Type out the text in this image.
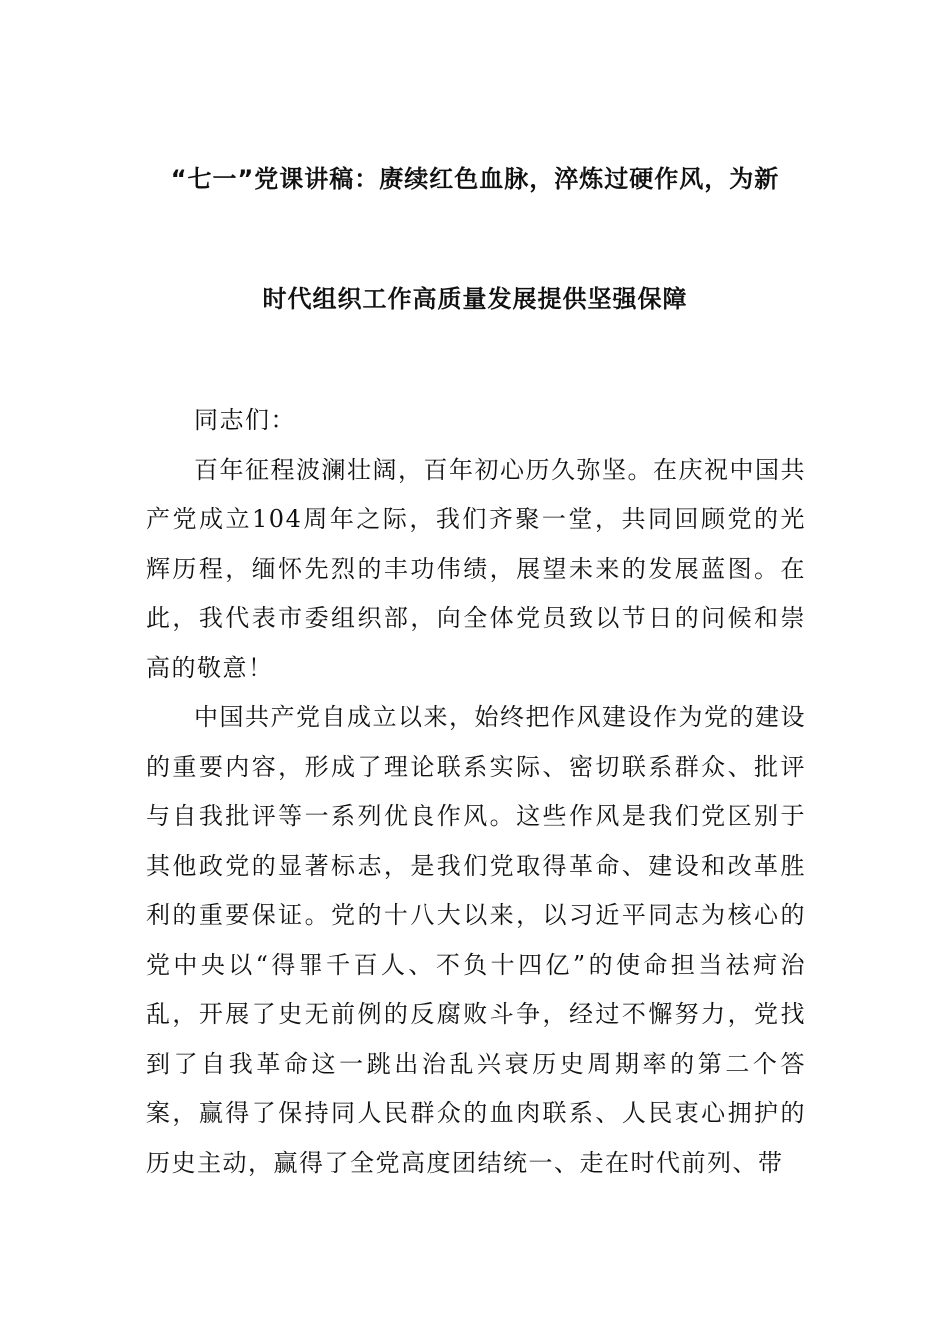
“七一”党课讲稿：赓续红色血脉，淬炼过硬作风，为新
时代组织工作高质量发展提供坚强保障

同志们：

百年征程波澜壮阔，百年初心历久弥坚。在庆祝中国共产党成立104周年之际，我们齐聚一堂，共同回顾党的光辉历程，缅怀先烈的丰功伟绩，展望未来的发展蓝图。在此，我代表市委组织部，向全体党员致以节日的问候和崇高的敬意！

中国共产党自成立以来，始终把作风建设作为党的建设的重要内容，形成了理论联系实际、密切联系群众、批评与自我批评等一系列优良作风。这些作风是我们党区别于其他政党的显著标志，是我们党取得革命、建设和改革胜利的重要保证。党的十八大以来，以习近平同志为核心的党中央以“得罪千百人、不负十四亿”的使命担当祛疴治乱，开展了史无前例的反腐败斗争，经过不懈努力，党找到了自我革命这一跳出治乱兴衰历史周期率的第二个答案，赢得了保持同人民群众的血肉联系、人民衷心拥护的历史主动，赢得了全党高度团结统一、走在时代前列、带
